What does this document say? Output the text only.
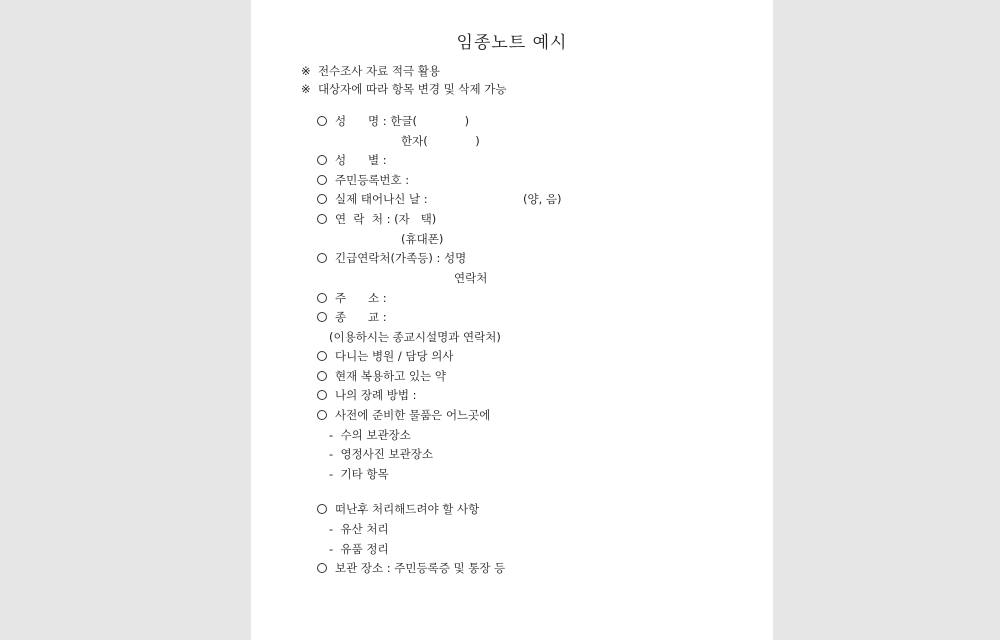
임종노트 예시
※  전수조사 자료 적극 활용
※  대상자에 따라 항목 변경 및 삭제 가능
성      명 : 한글(             )
한자(             )
성      별 :
주민등록번호 :
실제 태어나신 날 :	(양, 음)
연  락  처 : (자   택)
(휴대폰)
긴급연락처(가족등) : 성명
연락처
주      소 :
종      교 :
(이용하시는 종교시설명과 연락처)
다니는 병원 / 담당 의사
현재 복용하고 있는 약
나의 장례 방법 :
사전에 준비한 물품은 어느곳에
-  수의 보관장소
-  영정사진 보관장소
-  기타 항목
떠난후 처리해드려야 할 사항
-  유산 처리
-  유품 정리
보관 장소 : 주민등록증 및 통장 등
